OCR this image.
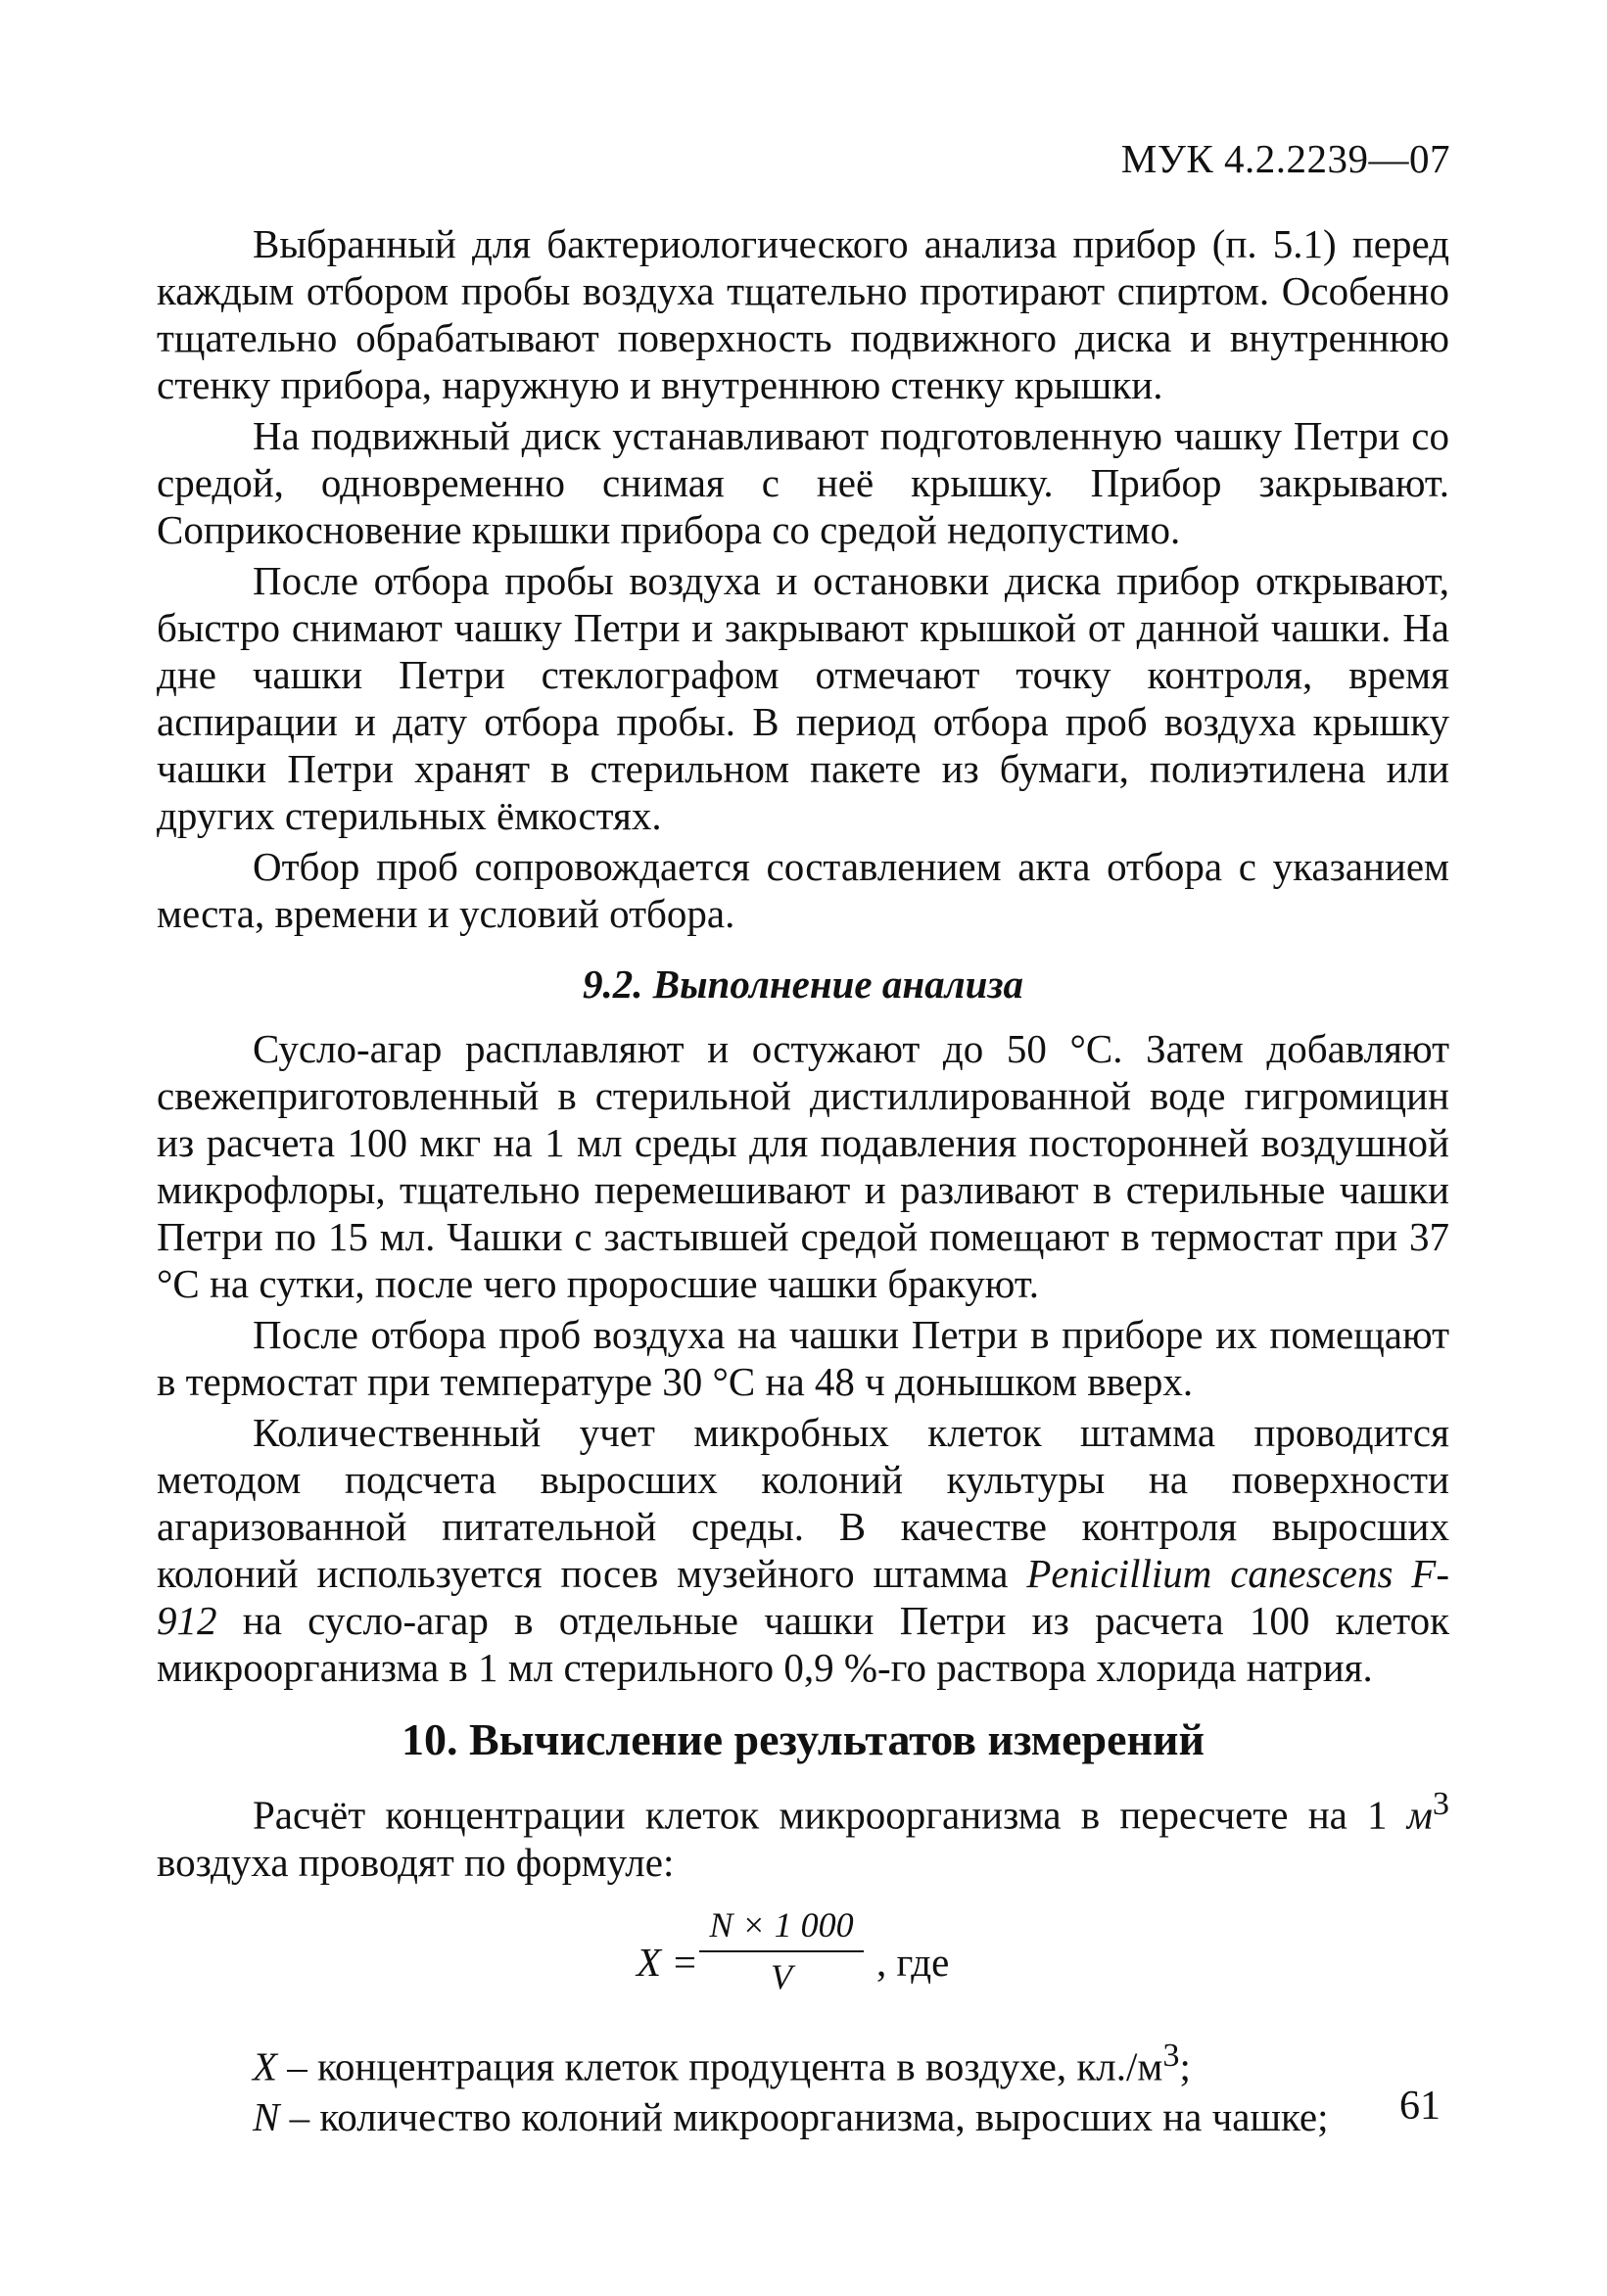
МУК 4.2.2239—07

Выбранный для бактериологического анализа прибор (п. 5.1) перед каждым отбором пробы воздуха тщательно протирают спиртом. Особенно тщательно обрабатывают поверхность подвижного диска и внутреннюю стенку прибора, наружную и внутреннюю стенку крышки.

На подвижный диск устанавливают подготовленную чашку Петри со средой, одновременно снимая с неё крышку. Прибор закрывают. Соприкосновение крышки прибора со средой недопустимо.

После отбора пробы воздуха и остановки диска прибор открывают, быстро снимают чашку Петри и закрывают крышкой от данной чашки. На дне чашки Петри стеклографом отмечают точку контроля, время аспирации и дату отбора пробы. В период отбора проб воздуха крышку чашки Петри хранят в стерильном пакете из бумаги, полиэтилена или других стерильных ёмкостях.

Отбор проб сопровождается составлением акта отбора с указанием места, времени и условий отбора.

9.2. Выполнение анализа

Сусло-агар расплавляют и остужают до 50 °С. Затем добавляют свежеприготовленный в стерильной дистиллированной воде гигромицин из расчета 100 мкг на 1 мл среды для подавления посторонней воздушной микрофлоры, тщательно перемешивают и разливают в стерильные чашки Петри по 15 мл. Чашки с застывшей средой помещают в термостат при 37 °С на сутки, после чего проросшие чашки бракуют.

После отбора проб воздуха на чашки Петри в приборе их помещают в термостат при температуре 30 °С на 48 ч донышком вверх.

Количественный учет микробных клеток штамма проводится методом подсчета выросших колоний культуры на поверхности агаризованной питательной среды. В качестве контроля выросших колоний используется посев музейного штамма Penicillium canescens F-912 на сусло-агар в отдельные чашки Петри из расчета 100 клеток микроорганизма в 1 мл стерильного 0,9 %-го раствора хлорида натрия.

10. Вычисление результатов измерений

Расчёт концентрации клеток микроорганизма в пересчете на 1 $м^3$ воздуха проводят по формуле:

X =
N × 1 000
V	, где

X – концентрация клеток продуцента в воздухе, $кл./м^3$;

N – количество колоний микроорганизма, выросших на чашке;	61
